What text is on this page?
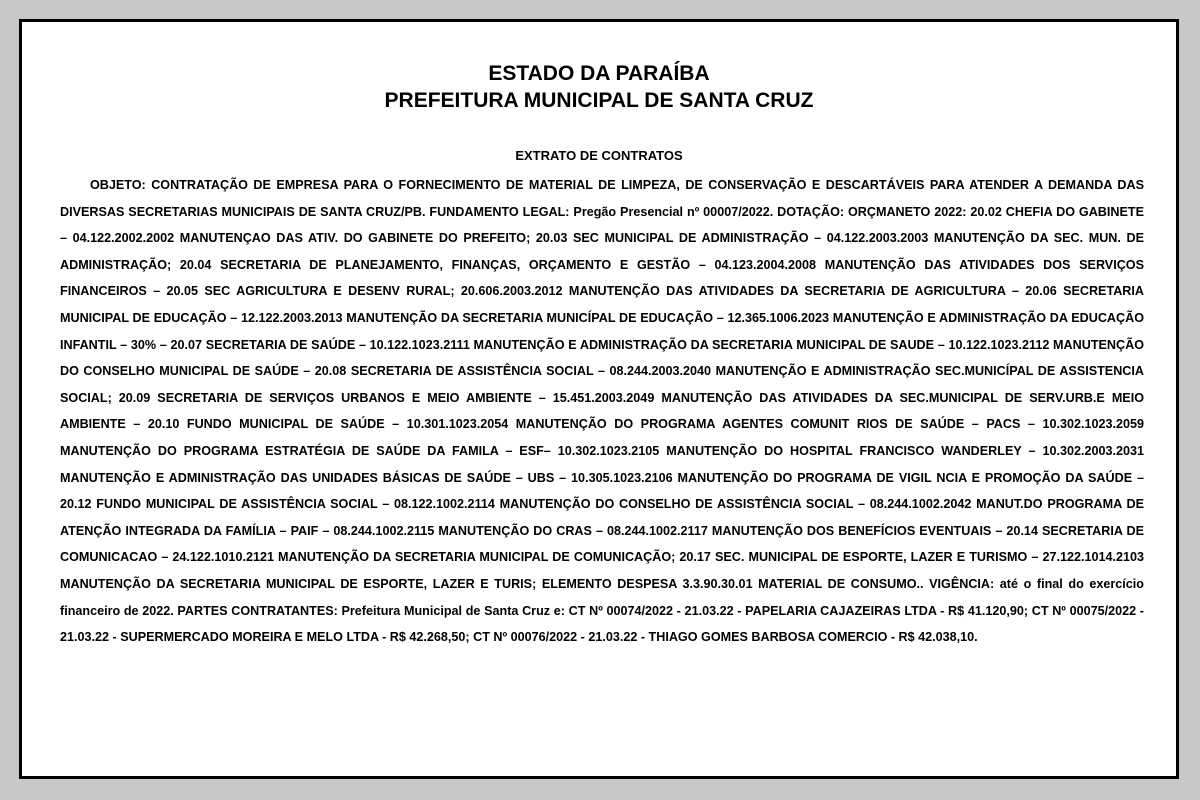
ESTADO DA PARAÍBA
PREFEITURA MUNICIPAL DE SANTA CRUZ
EXTRATO DE CONTRATOS

OBJETO: CONTRATAÇÃO DE EMPRESA PARA O FORNECIMENTO DE MATERIAL DE LIMPEZA, DE CONSERVAÇÃO E DESCARTÁVEIS PARA ATENDER A DEMANDA DAS DIVERSAS SECRETARIAS MUNICIPAIS DE SANTA CRUZ/PB. FUNDAMENTO LEGAL: Pregão Presencial nº 00007/2022. DOTAÇÃO: ORÇMANETO 2022: 20.02 CHEFIA DO GABINETE – 04.122.2002.2002 MANUTENÇAO DAS ATIV. DO GABINETE DO PREFEITO; 20.03 SEC MUNICIPAL DE ADMINISTRAÇÃO – 04.122.2003.2003 MANUTENÇÃO DA SEC. MUN. DE ADMINISTRAÇÃO; 20.04 SECRETARIA DE PLANEJAMENTO, FINANÇAS, ORÇAMENTO E GESTÃO – 04.123.2004.2008 MANUTENÇÃO DAS ATIVIDADES DOS SERVIÇOS FINANCEIROS – 20.05 SEC AGRICULTURA E DESENV RURAL; 20.606.2003.2012 MANUTENÇÃO DAS ATIVIDADES DA SECRETARIA DE AGRICULTURA – 20.06 SECRETARIA MUNICIPAL DE EDUCAÇÃO – 12.122.2003.2013 MANUTENÇÃO DA SECRETARIA MUNICÍPAL DE EDUCAÇÃO – 12.365.1006.2023 MANUTENÇÃO E ADMINISTRAÇÃO DA EDUCAÇÃO INFANTIL – 30% – 20.07 SECRETARIA DE SAÚDE – 10.122.1023.2111 MANUTENÇÃO E ADMINISTRAÇÃO DA SECRETARIA MUNICIPAL DE SAUDE – 10.122.1023.2112 MANUTENÇÃO DO CONSELHO MUNICIPAL DE SAÚDE – 20.08 SECRETARIA DE ASSISTÊNCIA SOCIAL – 08.244.2003.2040 MANUTENÇÃO E ADMINISTRAÇÃO SEC.MUNICÍPAL DE ASSISTENCIA SOCIAL; 20.09 SECRETARIA DE SERVIÇOS URBANOS E MEIO AMBIENTE – 15.451.2003.2049 MANUTENÇÃO DAS ATIVIDADES DA SEC.MUNICIPAL DE SERV.URB.E MEIO AMBIENTE – 20.10 FUNDO MUNICIPAL DE SAÚDE – 10.301.1023.2054 MANUTENÇÃO DO PROGRAMA AGENTES COMUNIT RIOS DE SAÚDE – PACS – 10.302.1023.2059 MANUTENÇÃO DO PROGRAMA ESTRATÉGIA DE SAÚDE DA FAMILA – ESF– 10.302.1023.2105 MANUTENÇÃO DO HOSPITAL FRANCISCO WANDERLEY – 10.302.2003.2031 MANUTENÇÃO E ADMINISTRAÇÃO DAS UNIDADES BÁSICAS DE SAÚDE – UBS – 10.305.1023.2106 MANUTENÇÃO DO PROGRAMA DE VIGIL NCIA E PROMOÇÃO DA SAÚDE – 20.12 FUNDO MUNICIPAL DE ASSISTÊNCIA SOCIAL – 08.122.1002.2114 MANUTENÇÃO DO CONSELHO DE ASSISTÊNCIA SOCIAL – 08.244.1002.2042 MANUT.DO PROGRAMA DE ATENÇÃO INTEGRADA DA FAMÍLIA – PAIF – 08.244.1002.2115 MANUTENÇÃO DO CRAS – 08.244.1002.2117 MANUTENÇÃO DOS BENEFÍCIOS EVENTUAIS – 20.14 SECRETARIA DE COMUNICACAO – 24.122.1010.2121 MANUTENÇÃO DA SECRETARIA MUNICIPAL DE COMUNICAÇÃO; 20.17 SEC. MUNICIPAL DE ESPORTE, LAZER E TURISMO – 27.122.1014.2103 MANUTENÇÃO DA SECRETARIA MUNICIPAL DE ESPORTE, LAZER E TURIS; ELEMENTO DESPESA 3.3.90.30.01 MATERIAL DE CONSUMO.. VIGÊNCIA: até o final do exercício financeiro de 2022. PARTES CONTRATANTES: Prefeitura Municipal de Santa Cruz e: CT Nº 00074/2022 - 21.03.22 - PAPELARIA CAJAZEIRAS LTDA - R$ 41.120,90; CT Nº 00075/2022 - 21.03.22 - SUPERMERCADO MOREIRA E MELO LTDA - R$ 42.268,50; CT Nº 00076/2022 - 21.03.22 - THIAGO GOMES BARBOSA COMERCIO - R$ 42.038,10.
